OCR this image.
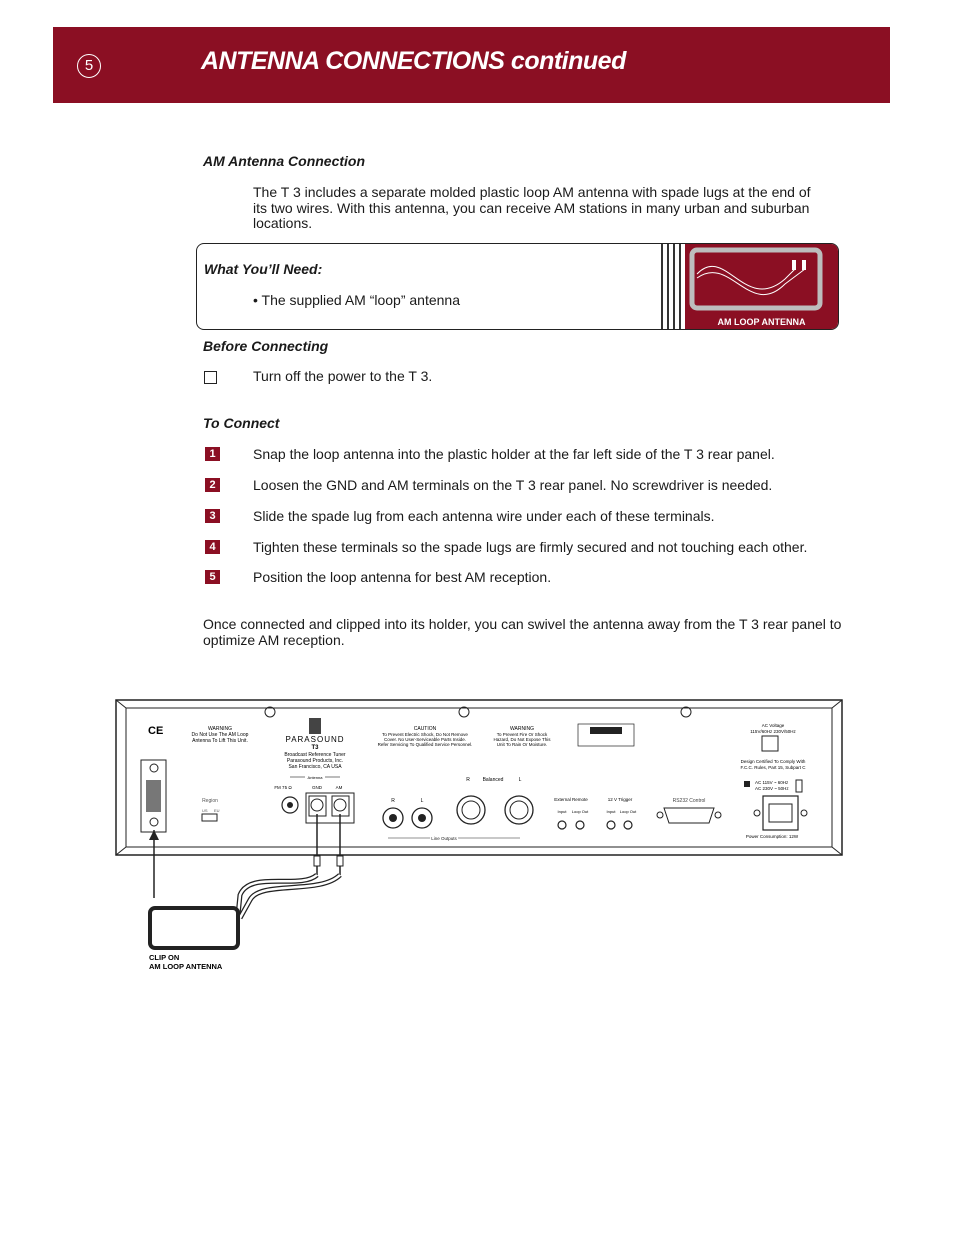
5	ANTENNA CONNECTIONS continued
AM Antenna Connection
The T 3 includes a separate molded plastic loop AM antenna with spade lugs at the end of its two wires. With this antenna, you can receive AM stations in many urban and suburban locations.
What You’ll Need:
• The supplied AM “loop” antenna
AM LOOP ANTENNA
Before Connecting
Turn off the power to the T 3.
To Connect
1	Snap the loop antenna into the plastic holder at the far left side of the T 3 rear panel.
2	Loosen the GND and AM terminals on the T 3 rear panel. No screwdriver is needed.
3	Slide the spade lug from each antenna wire under each of these terminals.
4	Tighten these terminals so the spade lugs are firmly secured and not touching each other.
5	Position the loop antenna for best AM reception.
Once connected and clipped into its holder, you can swivel the antenna away from the T 3 rear panel to optimize AM reception.
CE	WARNING
Do Not Use The AM Loop
Antenna To Lift This Unit.
Region
US EU
PARASOUND
T3
Broadcast Reference Tuner
Parasound Products, Inc.
San Francisco, CA USA
Antenna
FM 75 Ω	GND	AM
CAUTION
To Prevent Electric Shock, Do Not Remove
Cover. No User-Serviceable Parts Inside.
Refer Servicing To Qualified Service Personnel.
WARNING
To Prevent Fire Or Shock
Hazard, Do Not Expose This
Unit To Rain Or Moisture.
R	L
R	Balanced	L
Line Outputs
External Remote	12 V Trigger
Input Loop Out	Input Loop Out
RS232 Control
AC Voltage
115V/60Hz 230V/50Hz
Design Certified To Comply With
F.C.C. Rules, Part 15, Subpart C
AC 115V ~ 60Hz
AC 230V ~ 50Hz
Power Consumption: 12W
CLIP ON
AM LOOP ANTENNA
